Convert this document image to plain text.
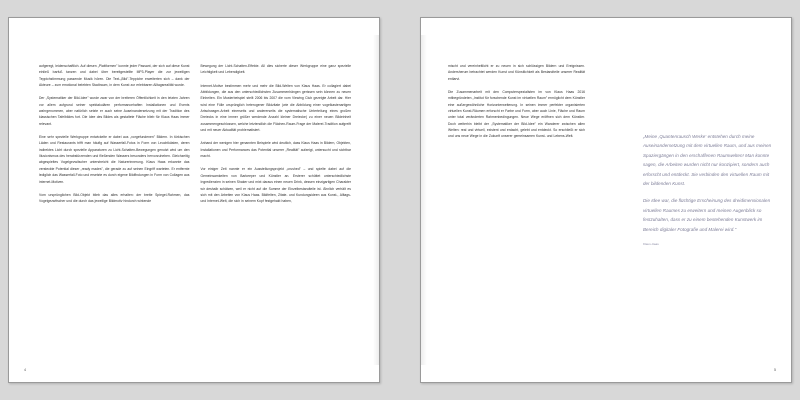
aufgeregt, leidenschaftlich. Auf diesen „Plattformen" konnte jeder Passant, der sich auf diese Kunst einließ barfuß tanzen und dabei über bereitgestellte MP3-Player die zur jeweiligen Teppichstimmung passende Musik hören. Die Text-„Bild"-Teppiche erweiterten sich – dank der Akteure – zum emotional belebten Stadtraum, in dem Kunst zur erlebbaren Alltagsrealität wurde.

Der „Systematiker der Bild-Idee" wurde zwar von der breiteren Öffentlichkeit in den letzten Jahren vor allem aufgrund seiner spektakulären performancehaften Installationen und Events wahrgenommen, aber natürlich setzte er auch seine Auseinandersetzung mit der Tradition des klassischen Tafelbildes fort. Die Idee des Bildes als gestaltete Fläche blieb für Klaus Haas immer relevant.

Eine sehr spezielle Werkgruppe entwickelte er dabei aus „vorgefundenen" Bildern. In türkischen Läden und Restaurants trifft man häufig auf Wasserfall-Fotos in Form von Leuchtkästen, deren indirektes Licht durch spezielle Apparaturen zu Licht-Schatten-Bewegungen genutzt wird um den Illusionismus des herabstürzenden und fließenden Wassers besonders hervorzuheben. Gleichzeitig abgespieltes Vogelgezwitscher unterstreicht die Naturerinnerung. Klaus Haas erkannte das versteckte Potential dieser „ready mades", die gerade zu auf seinen Eingriff warteten. Er entfernte lediglich das Wasserfall-Foto und ersetzte es durch eigene Bildfindungen in Form von Collagen aus internet-Motiven.

Vom ursprünglichen Bild-Objekt blieb das alles erhalten: der breite Spiegel-Rahmen, das Vogelgezwitscher und die durch das jeweilige Bildmotiv hindurch wirkende

Bewegung der Licht-Schatten-Effekte. All dies sicherte dieser Werkgruppe eine ganz spezielle Leichtigkeit und Lebendigkeit.

Internet-Motive bestimmen mehr und mehr die Bild-Welten von Klaus Haas. Er collagiert dabei Abbildungen, die aus den unterschiedlichsten Zusammenhängen gerissen sein können zu neuen Einheiten. Ein Musterbeispiel stellt 2006 bis 2007 die vom Viewing Club gezeigte Arbeit dar. Hier wird eine Fülle ursprünglich heterogener Bildzitate (wie die Abbildung einer vogelkastenartigen Artschwager-Arbeit einerseits und andererseits die systematische Unterteilung eines großen Dreiecks in eine immer größer werdende Anzahl kleiner Dreiecke) zu einer neuen Bildeinheit zusammengeschlossen, welche letztendlich die Flächen-Raum-Frage der Malerei-Tradition aufgreift und mit neuer Aktualität problematisiert.

Anhand der wenigen hier genannten Beispiele wird deutlich, dass Klaus Haas in Bildern, Objekten, Installationen und Performances das Potential unserer „Realität" aufzeigt, untersucht und sichtbar macht.

Vor einiger Zeit nannte er ein Ausstellungsprojekt „crushed" – und spielte dabei auf die Gemeinsamkeiten von Barkeeper und Künstler an. Ersterer schüttet unterschiedlichste Ingredienzien in seinen Shaker und mixt daraus einen neuen Drink, dessen einzigartigen Charakter wir deshalb schätzen, weil er nicht auf die Summe der Einzelbestandteile ist. Ähnlich verhält es sich mit den Arbeiten von Klaus Haas. Bildfelten, Zitate- und Kundungsideen aus Kunst-, Alltags- und Internet-Welt, die sich in seinem Kopf festgehakt haben,

4

mischt und vereinheitlicht er zu neuen in sich schlüssigen Bildern und Ereignissen. Andersherum betrachtet werden Kunst und Künstlichkeit als Bestandteile unserer Realität entlarvt.

Die Zusammenarbeit mit den Computerspezialisten im von Klaus Haas 2016 mitbegründeten „Institut für forschende Kunst im virtuellen Raum" ermöglicht dem Künstler eine außergewöhnliche Horizonterweiterung. In seinen immer perfekter organisierten virtuellen Kunst-Räumen erforscht er Farbe und Form, aber auch Linie, Fläche und Raum unter total veränderten Rahmenbedingungen. Neue Wege eröffnen sich dem Künstler. Doch weiterhin bleibt der „Systematiker der Bild-Idee" ein Wanderer zwischen allen Welten: real und virtuell, existent und erdacht, gelebt und entdeckt. So erschließt er sich und uns neue Wege in die Zukunft unserer gemeinsamen Kunst- und Lebens-Welt.	„Meine ‚Quantenrausch Werke‘ entstehen durch meine Auseinandersetzung mit dem virtuellen Raum, und aus meinen Spaziergängen in den erschaffenen Raumwelten! Man konnte sagen, die Arbeiten wurden nicht nur konzipiert, sondern auch erforscht und entdeckt. Sie verbinden den virtuellen Raum mit der bildenden Kunst.

Die Idee war, die flüchtige Erscheinung des dreidimensionalen virtuellen Raumes zu erweitern und meinen Augenblick so festzuhalten, dass er zu einem bestehenden Kunstwerk im Bereich digitaler Fotografie und Malerei wird."

Klaus Haas
5
